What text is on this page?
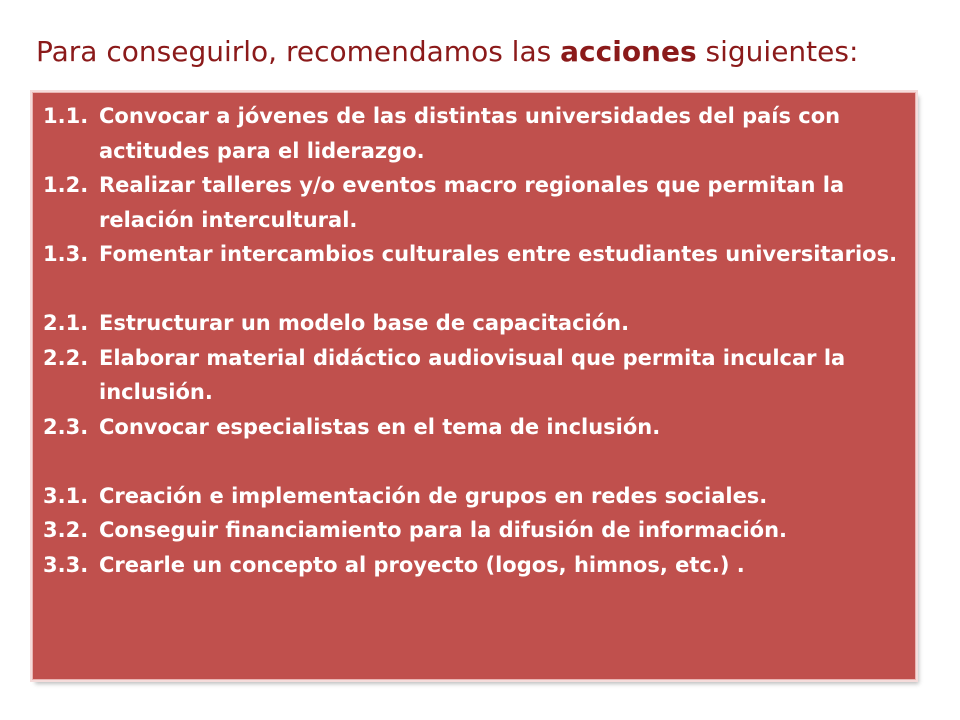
Para conseguirlo, recomendamos las acciones siguientes:
1.1. Convocar a jóvenes de las distintas universidades del país con actitudes para el liderazgo.
1.2. Realizar talleres y/o eventos macro regionales que permitan la relación intercultural.
1.3. Fomentar intercambios culturales entre estudiantes universitarios.
2.1. Estructurar un modelo base de capacitación.
2.2. Elaborar material didáctico audiovisual que permita inculcar la inclusión.
2.3. Convocar especialistas en el tema de inclusión.
3.1. Creación e implementación de grupos en redes sociales.
3.2. Conseguir financiamiento para la difusión de información.
3.3. Crearle un concepto al proyecto (logos, himnos, etc.) .
